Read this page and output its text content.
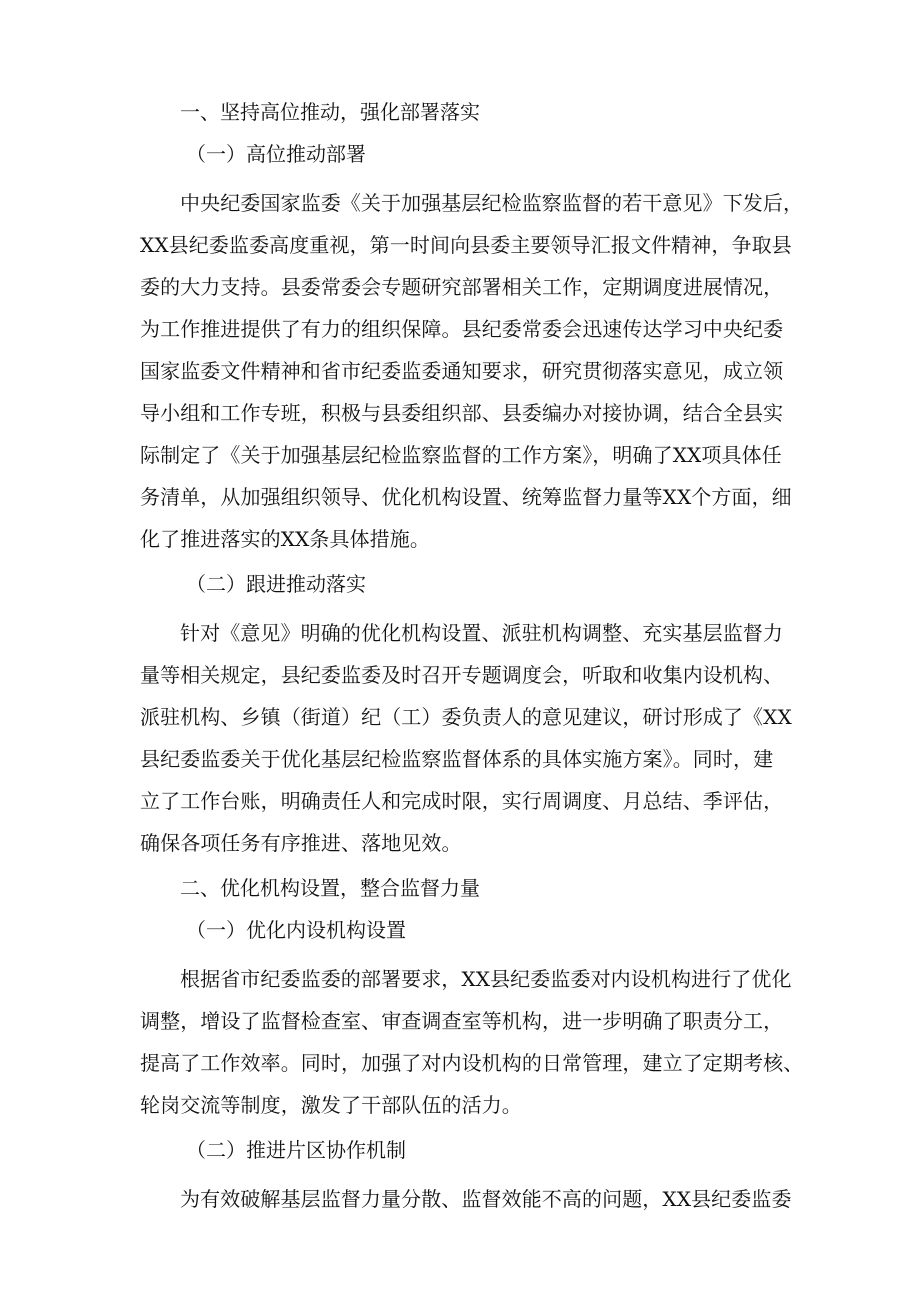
一、坚持高位推动，强化部署落实
（一）高位推动部署
中央纪委国家监委《关于加强基层纪检监察监督的若干意见》下发后，
XX县纪委监委高度重视，第一时间向县委主要领导汇报文件精神，争取县
委的大力支持。县委常委会专题研究部署相关工作，定期调度进展情况，
为工作推进提供了有力的组织保障。县纪委常委会迅速传达学习中央纪委
国家监委文件精神和省市纪委监委通知要求，研究贯彻落实意见，成立领
导小组和工作专班，积极与县委组织部、县委编办对接协调，结合全县实
际制定了《关于加强基层纪检监察监督的工作方案》，明确了XX项具体任
务清单，从加强组织领导、优化机构设置、统筹监督力量等XX个方面，细
化了推进落实的XX条具体措施。
（二）跟进推动落实
针对《意见》明确的优化机构设置、派驻机构调整、充实基层监督力
量等相关规定，县纪委监委及时召开专题调度会，听取和收集内设机构、
派驻机构、乡镇（街道）纪（工）委负责人的意见建议，研讨形成了《XX
县纪委监委关于优化基层纪检监察监督体系的具体实施方案》。同时，建
立了工作台账，明确责任人和完成时限，实行周调度、月总结、季评估，
确保各项任务有序推进、落地见效。
二、优化机构设置，整合监督力量
（一）优化内设机构设置
根据省市纪委监委的部署要求，XX县纪委监委对内设机构进行了优化
调整，增设了监督检查室、审查调查室等机构，进一步明确了职责分工，
提高了工作效率。同时，加强了对内设机构的日常管理，建立了定期考核、
轮岗交流等制度，激发了干部队伍的活力。
（二）推进片区协作机制
为有效破解基层监督力量分散、监督效能不高的问题，XX县纪委监委
